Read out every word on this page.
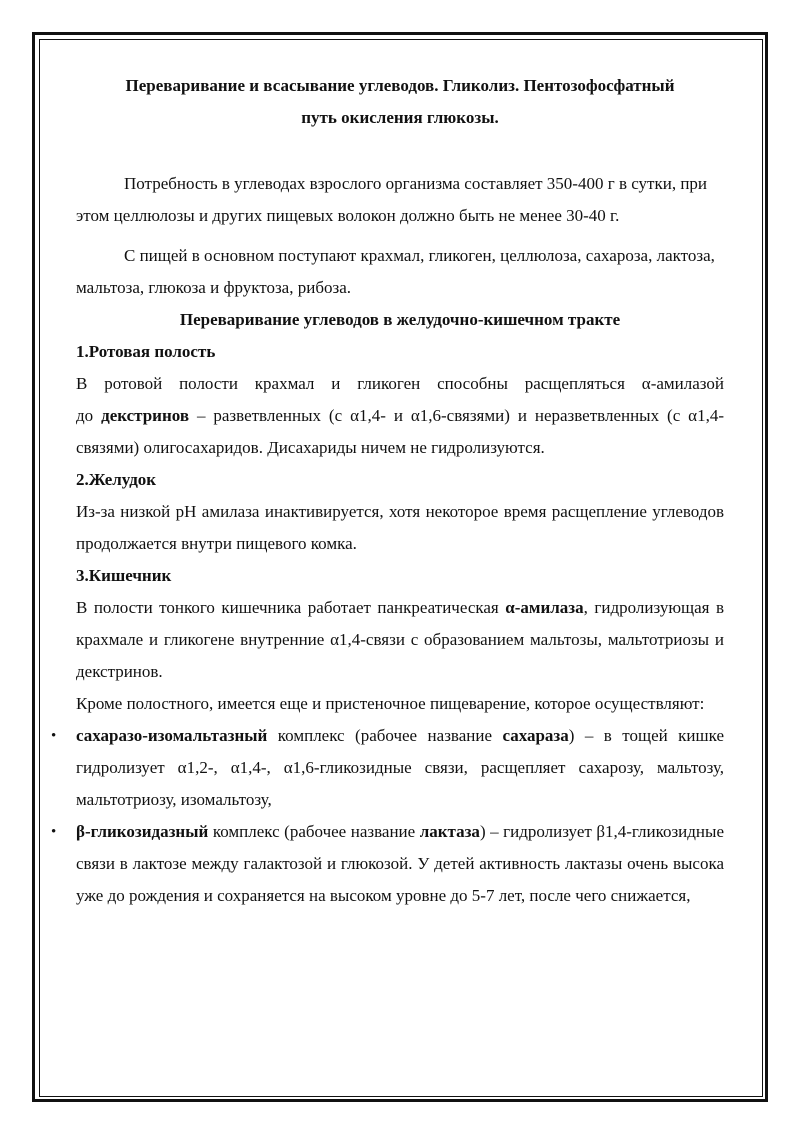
Переваривание и всасывание углеводов. Гликолиз. Пентозофосфатный
путь окисления глюкозы.

Потребность в углеводах взрослого организма составляет 350-400 г в сутки, при этом целлюлозы и других пищевых волокон должно быть не менее 30-40 г.

С пищей в основном поступают крахмал, гликоген, целлюлоза, сахароза, лактоза, мальтоза, глюкоза и фруктоза, рибоза.

Переваривание углеводов в желудочно-кишечном тракте
1.Ротовая полость

В ротовой полости крахмал и гликоген способны расщепляться α-амилазой
до декстринов – разветвленных (с α1,4- и α1,6-связями) и неразветвленных (с α1,4-связями) олигосахаридов. Дисахариды ничем не гидролизуются.

2.Желудок

Из-за низкой рН амилаза инактивируется, хотя некоторое время расщепление углеводов продолжается внутри пищевого комка.

3.Кишечник

В полости тонкого кишечника работает панкреатическая α-амилаза, гидролизующая в крахмале и гликогене внутренние α1,4-связи с образованием мальтозы, мальтотриозы и декстринов.

Кроме полостного, имеется еще и пристеночное пищеварение, которое осуществляют:

• сахаразо-изомальтазный комплекс (рабочее название сахараза) – в тощей кишке гидролизует α1,2-, α1,4-, α1,6-гликозидные связи, расщепляет сахарозу, мальтозу, мальтотриозу, изомальтозу,
• β-гликозидазный комплекс (рабочее название лактаза) – гидролизует β1,4-гликозидные связи в лактозе между галактозой и глюкозой. У детей активность лактазы очень высока уже до рождения и сохраняется на высоком уровне до 5-7 лет, после чего снижается,
